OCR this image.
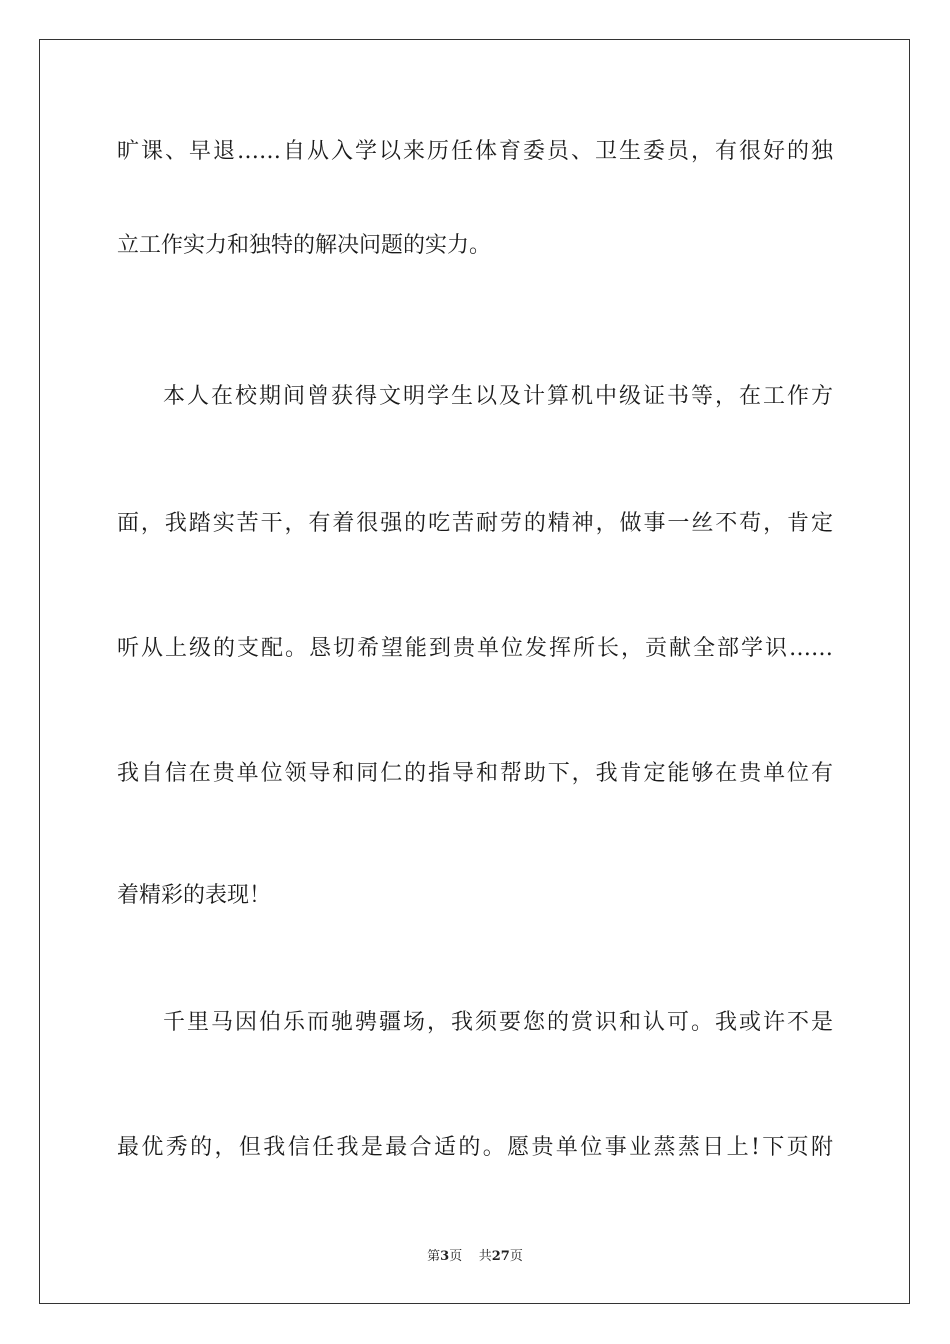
旷课、早退……自从入学以来历任体育委员、卫生委员，有很好的独
立工作实力和独特的解决问题的实力。
本人在校期间曾获得文明学生以及计算机中级证书等，在工作方
面，我踏实苦干，有着很强的吃苦耐劳的精神，做事一丝不苟，肯定
听从上级的支配。恳切希望能到贵单位发挥所长，贡献全部学识……
我自信在贵单位领导和同仁的指导和帮助下，我肯定能够在贵单位有
着精彩的表现！
千里马因伯乐而驰骋疆场，我须要您的赏识和认可。我或许不是
最优秀的，但我信任我是最合适的。愿贵单位事业蒸蒸日上!下页附
第3页 共27页
